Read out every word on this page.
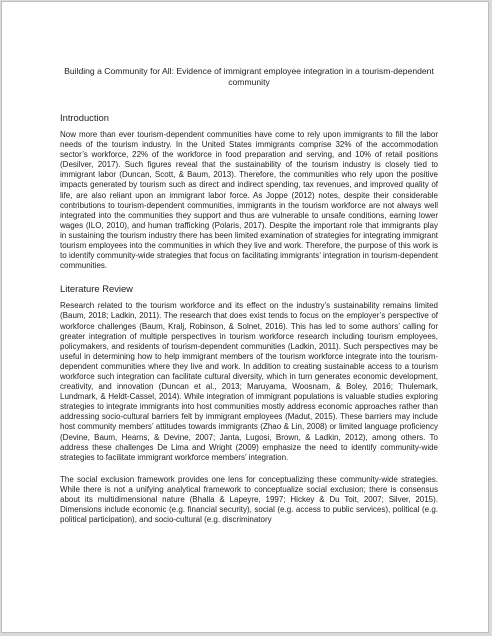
Building a Community for All: Evidence of immigrant employee integration in a tourism-dependent community
Introduction
Now more than ever tourism-dependent communities have come to rely upon immigrants to fill the labor needs of the tourism industry. In the United States immigrants comprise 32% of the accommodation sector’s workforce, 22% of the workforce in food preparation and serving, and 10% of retail positions (Desilver, 2017). Such figures reveal that the sustainability of the tourism industry is closely tied to immigrant labor (Duncan, Scott, & Baum, 2013). Therefore, the communities who rely upon the positive impacts generated by tourism such as direct and indirect spending, tax revenues, and improved quality of life, are also reliant upon an immigrant labor force. As Joppe (2012) notes, despite their considerable contributions to tourism-dependent communities, immigrants in the tourism workforce are not always well integrated into the communities they support and thus are vulnerable to unsafe conditions, earning lower wages (ILO, 2010), and human trafficking (Polaris, 2017). Despite the important role that immigrants play in sustaining the tourism industry there has been limited examination of strategies for integrating immigrant tourism employees into the communities in which they live and work. Therefore, the purpose of this work is to identify community-wide strategies that focus on facilitating immigrants’ integration in tourism-dependent communities.
Literature Review
Research related to the tourism workforce and its effect on the industry’s sustainability remains limited (Baum, 2018; Ladkin, 2011). The research that does exist tends to focus on the employer’s perspective of workforce challenges (Baum, Kralj, Robinson, & Solnet, 2016). This has led to some authors’ calling for greater integration of multiple perspectives in tourism workforce research including tourism employees, policymakers, and residents of tourism-dependent communities (Ladkin, 2011). Such perspectives may be useful in determining how to help immigrant members of the tourism workforce integrate into the tourism-dependent communities where they live and work. In addition to creating sustainable access to a tourism workforce such integration can facilitate cultural diversity, which in turn generates economic development, creativity, and innovation (Duncan et al., 2013; Maruyama, Woosnam, & Boley, 2016; Thulemark, Lundmark, & Heldt-Cassel, 2014). While integration of immigrant populations is valuable studies exploring strategies to integrate immigrants into host communities mostly address economic approaches rather than addressing socio-cultural barriers felt by immigrant employees (Madut, 2015). These barriers may include host community members’ attitudes towards immigrants (Zhao & Lin, 2008) or limited language proficiency (Devine, Baum, Hearns, & Devine, 2007; Janta, Lugosi, Brown, & Ladkin, 2012), among others. To address these challenges De Lima and Wright (2009) emphasize the need to identify community-wide strategies to facilitate immigrant workforce members’ integration.
The social exclusion framework provides one lens for conceptualizing these community-wide strategies. While there is not a unifying analytical framework to conceptualize social exclusion; there is consensus about its multidimensional nature (Bhalla & Lapeyre, 1997; Hickey & Du Toit, 2007; Silver, 2015). Dimensions include economic (e.g. financial security), social (e.g. access to public services), political (e.g. political participation), and socio-cultural (e.g. discriminatory
